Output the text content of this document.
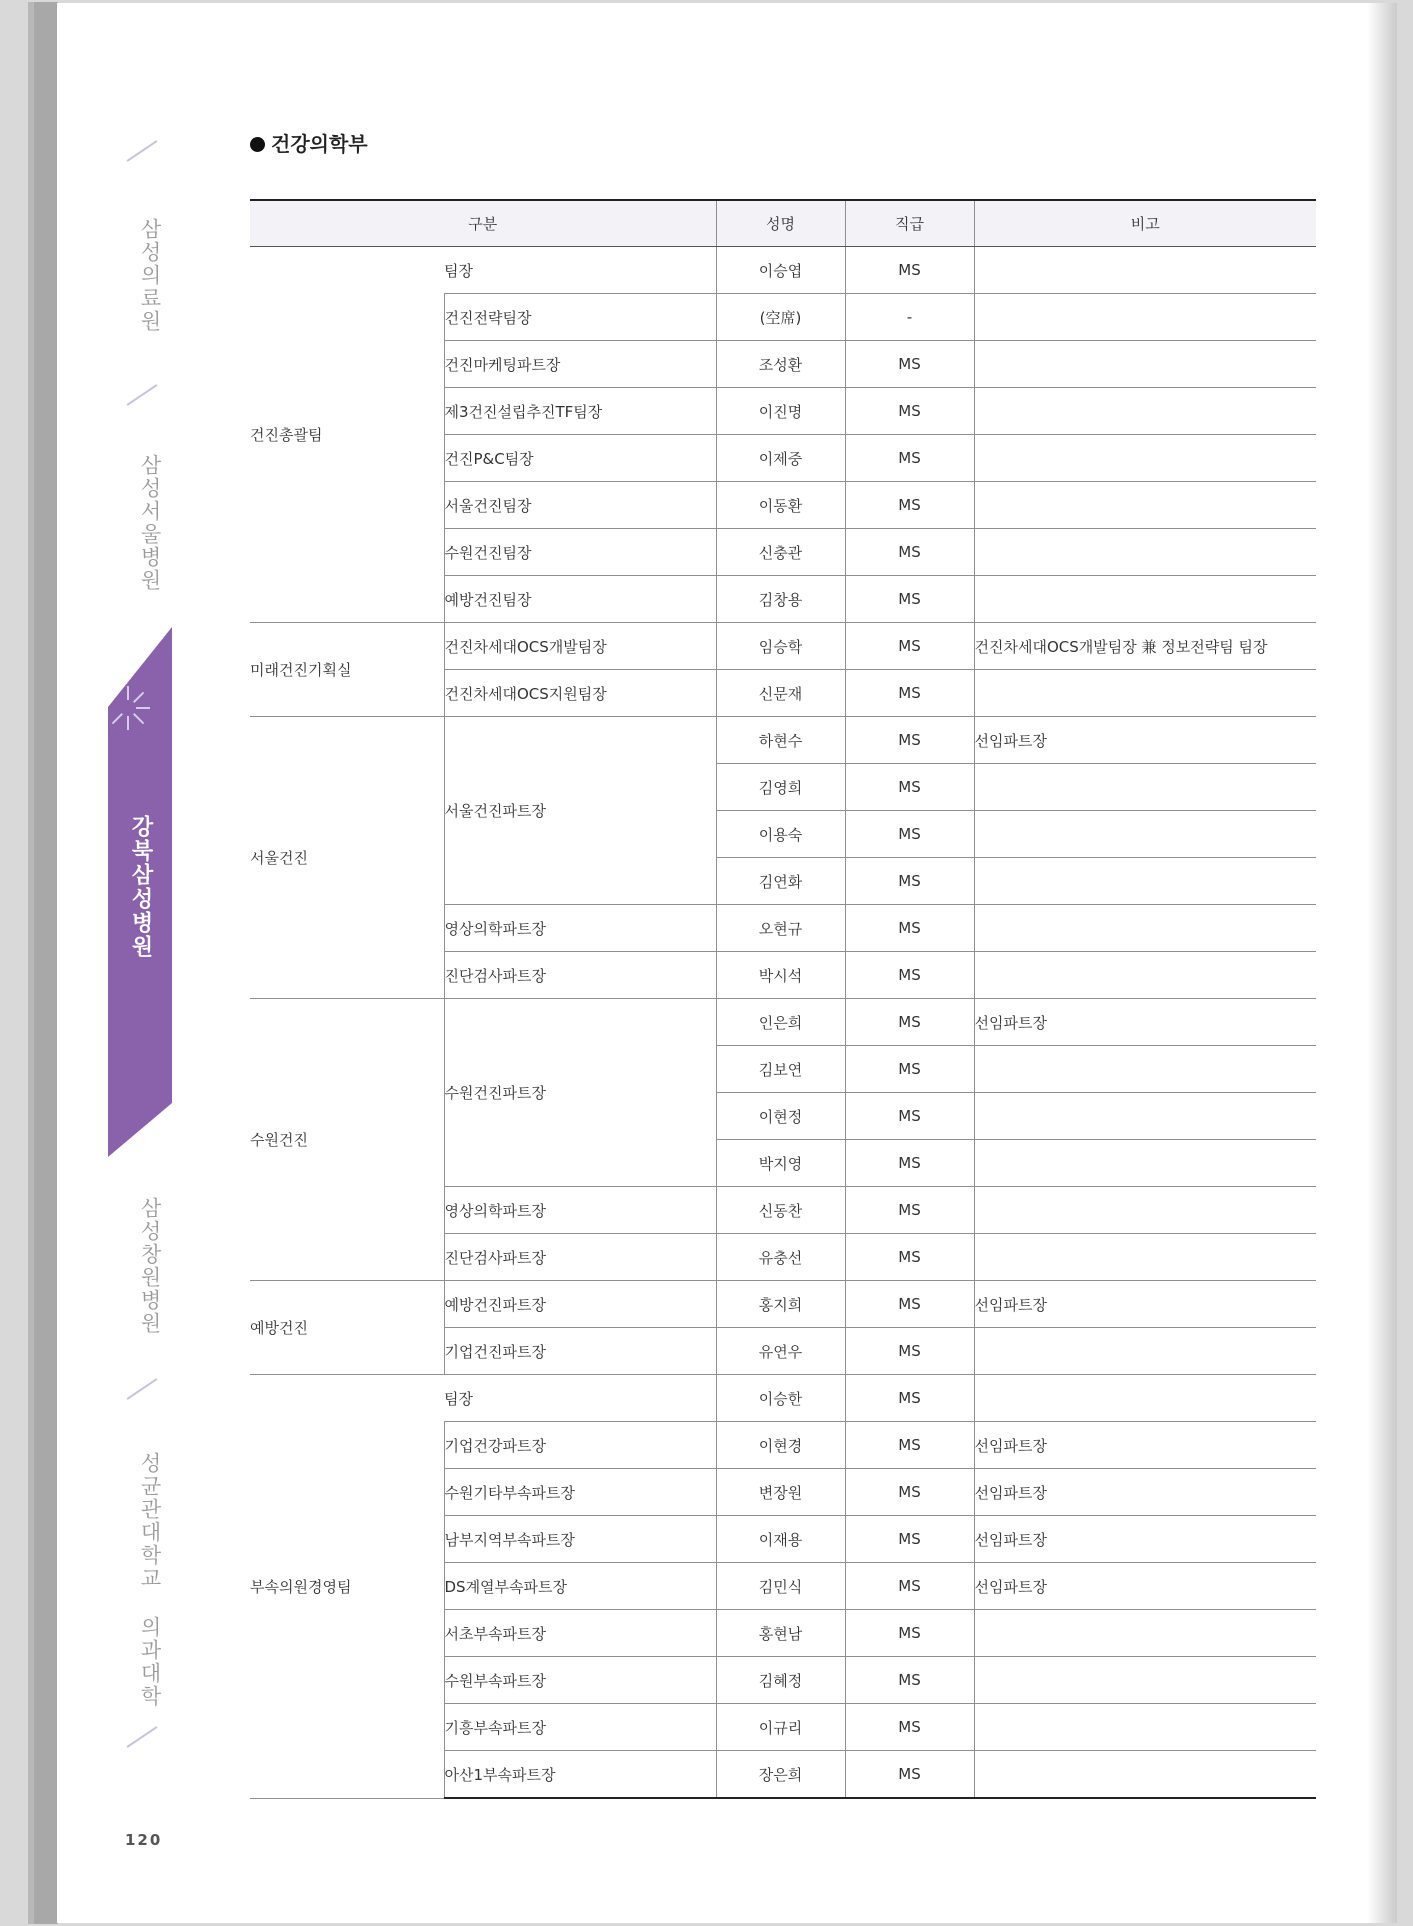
삼성의료원
삼성서울병원
강북삼성병원
삼성창원병원
성균관대학교 의과대학
120
건강의학부
구분		성명	직급	비고
건진총괄팀	팀장	이승엽	MS	
	건진전략팀장	(空席)	-	
	건진마케팅파트장	조성환	MS	
	제3건진설립추진TF팀장	이진명	MS	
	건진P&C팀장	이제중	MS	
	서울건진팀장	이동환	MS	
	수원건진팀장	신충관	MS	
	예방건진팀장	김창용	MS	
미래건진기획실	건진차세대OCS개발팀장	임승학	MS	건진차세대OCS개발팀장 兼 정보전략팀 팀장
	건진차세대OCS지원팀장	신문재	MS	
서울건진	서울건진파트장	하현수	MS	선임파트장
		김영희	MS	
		이용숙	MS	
		김연화	MS	
	영상의학파트장	오현규	MS	
	진단검사파트장	박시석	MS	
수원건진	수원건진파트장	인은희	MS	선임파트장
		김보연	MS	
		이현정	MS	
		박지영	MS	
	영상의학파트장	신동찬	MS	
	진단검사파트장	유충선	MS	
예방건진	예방건진파트장	홍지희	MS	선임파트장
	기업건진파트장	유연우	MS	
부속의원경영팀	팀장	이승한	MS	
	기업건강파트장	이현경	MS	선임파트장
	수원기타부속파트장	변장원	MS	선임파트장
	남부지역부속파트장	이재용	MS	선임파트장
	DS계열부속파트장	김민식	MS	선임파트장
	서초부속파트장	홍현남	MS	
	수원부속파트장	김혜정	MS	
	기흥부속파트장	이규리	MS	
	아산1부속파트장	장은희	MS	
